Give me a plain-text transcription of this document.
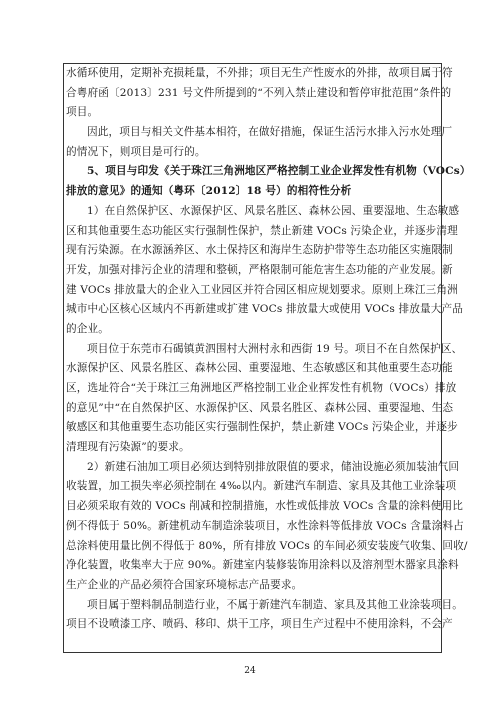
水循环使用，定期补充损耗量，不外排；项目无生产性废水的外排，故项目属于符
合粤府函〔2013〕231 号文件所提到的“不列入禁止建设和暂停审批范围”条件的
项目。
因此，项目与相关文件基本相符，在做好措施，保证生活污水排入污水处理厂
的情况下，则项目是可行的。
5、项目与印发《关于珠江三角洲地区严格控制工业企业挥发性有机物（VOCs）
排放的意见》的通知（粤环〔2012〕18 号）的相符性分析
1）在自然保护区、水源保护区、风景名胜区、森林公园、重要湿地、生态敏感
区和其他重要生态功能区实行强制性保护，禁止新建 VOCs 污染企业，并逐步清理
现有污染源。在水源涵养区、水土保持区和海岸生态防护带等生态功能区实施限制
开发，加强对排污企业的清理和整顿，严格限制可能危害生态功能的产业发展。新
建 VOCs 排放量大的企业入工业园区并符合园区相应规划要求。原则上珠江三角洲
城市中心区核心区域内不再新建或扩建 VOCs 排放量大或使用 VOCs 排放量大产品
的企业。
项目位于东莞市石碣镇黄泗围村大洲村永和西街 19 号。项目不在自然保护区、
水源保护区、风景名胜区、森林公园、重要湿地、生态敏感区和其他重要生态功能
区，选址符合“关于珠江三角洲地区严格控制工业企业挥发性有机物（VOCs）排放
的意见”中“在自然保护区、水源保护区、风景名胜区、森林公园、重要湿地、生态
敏感区和其他重要生态功能区实行强制性保护，禁止新建 VOCs 污染企业，并逐步
清理现有污染源”的要求。
2）新建石油加工项目必须达到特别排放限值的要求，储油设施必须加装油气回
收装置，加工损失率必须控制在 4‰以内。新建汽车制造、家具及其他工业涂装项
目必须采取有效的 VOCs 削减和控制措施，水性或低排放 VOCs 含量的涂料使用比
例不得低于 50%。新建机动车制造涂装项目，水性涂料等低排放 VOCs 含量涂料占
总涂料使用量比例不得低于 80%，所有排放 VOCs 的车间必须安装废气收集、回收/
净化装置，收集率大于应 90%。新建室内装修装饰用涂料以及溶剂型木器家具涂料
生产企业的产品必须符合国家环境标志产品要求。
项目属于塑料制品制造行业，不属于新建汽车制造、家具及其他工业涂装项目。
项目不设喷漆工序、喷码、移印、烘干工序，项目生产过程中不使用涂料，不会产
24
